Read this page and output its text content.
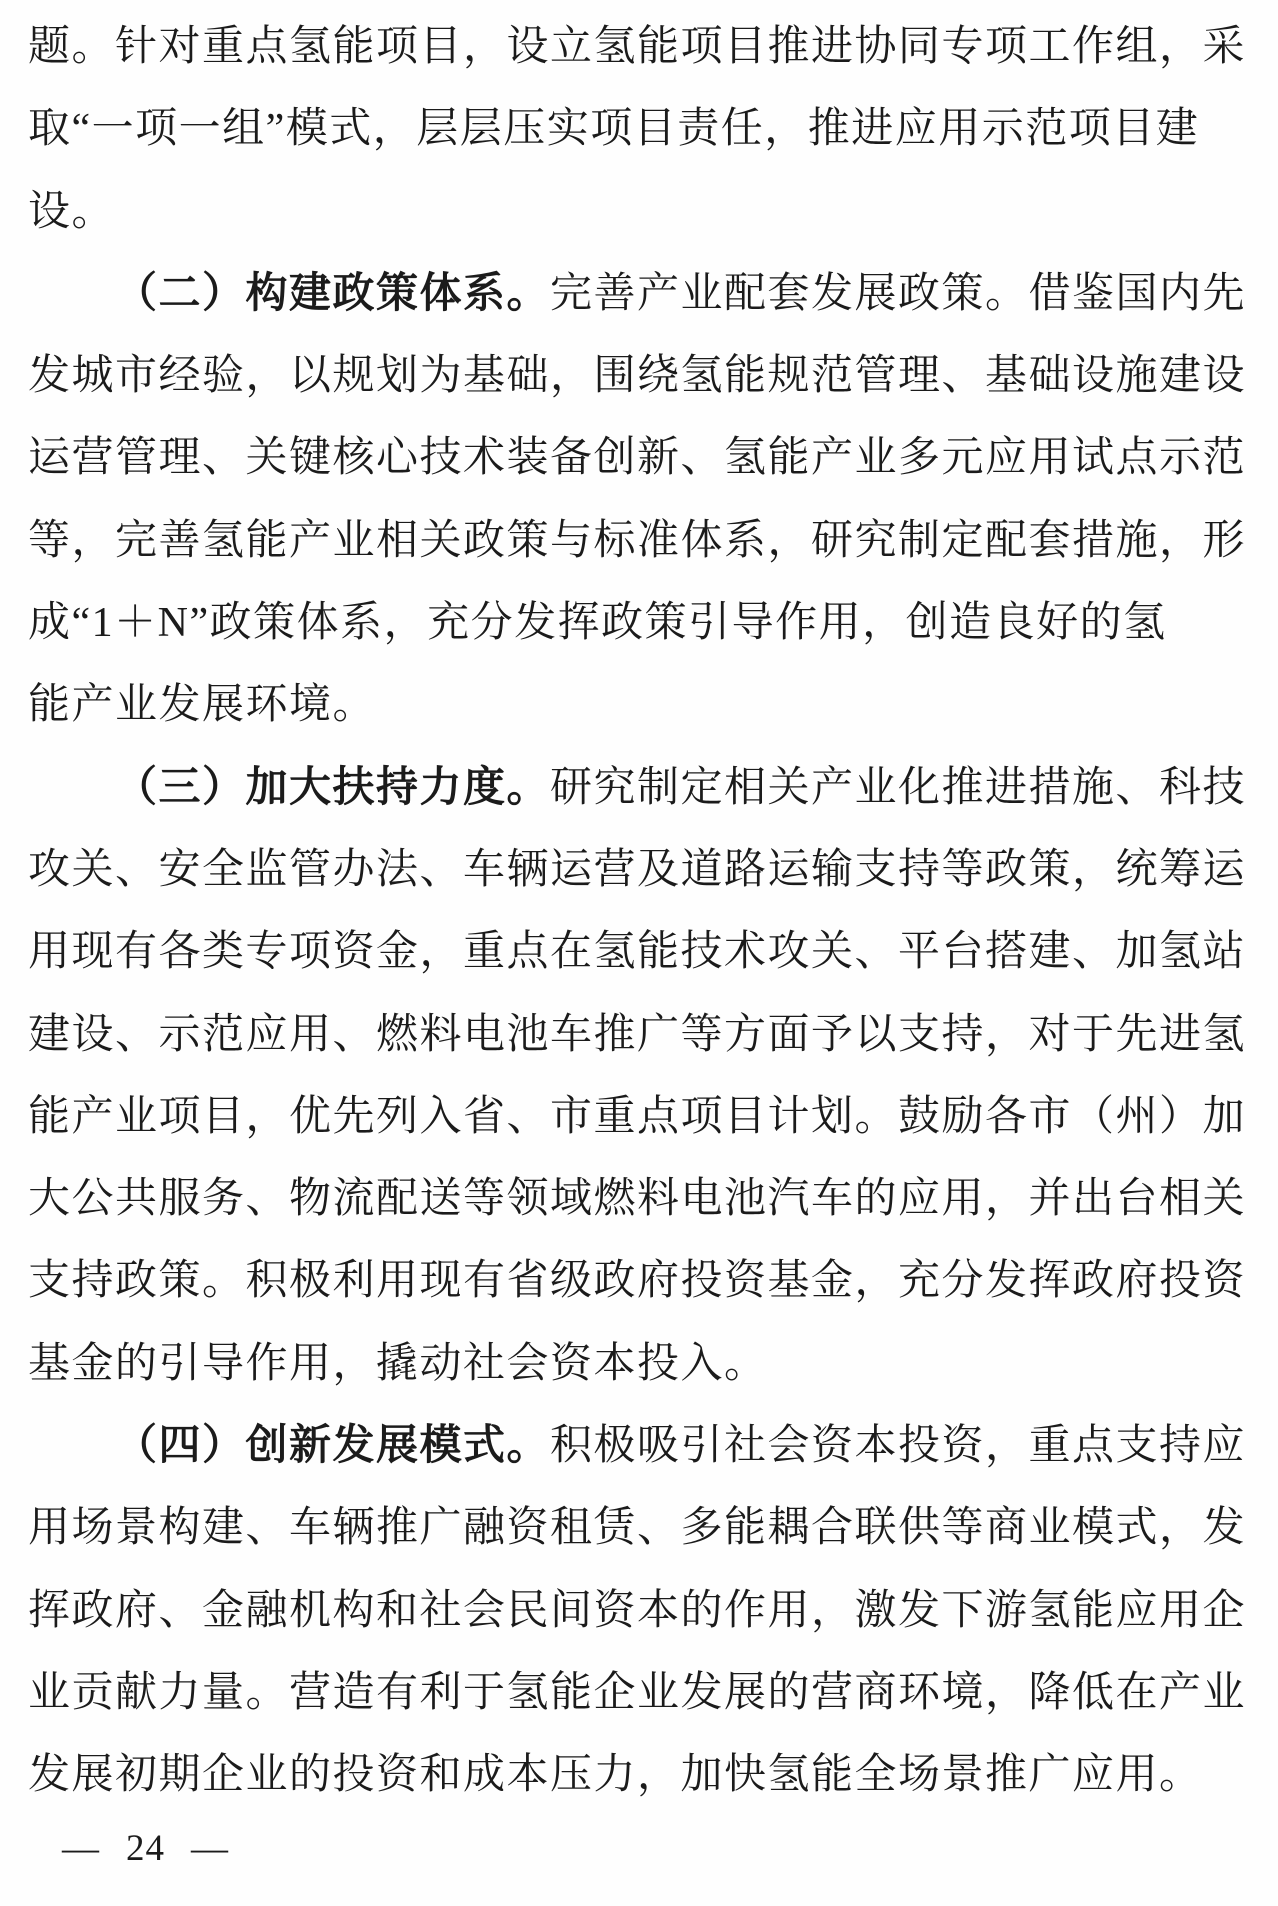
题。针对重点氢能项目，设立氢能项目推进协同专项工作组，采
取“一项一组”模式，层层压实项目责任，推进应用示范项目建
设。
（二）构建政策体系。完善产业配套发展政策。借鉴国内先
发城市经验，以规划为基础，围绕氢能规范管理、基础设施建设
运营管理、关键核心技术装备创新、氢能产业多元应用试点示范
等，完善氢能产业相关政策与标准体系，研究制定配套措施，形
成“1＋N”政策体系，充分发挥政策引导作用，创造良好的氢
能产业发展环境。
（三）加大扶持力度。研究制定相关产业化推进措施、科技
攻关、安全监管办法、车辆运营及道路运输支持等政策，统筹运
用现有各类专项资金，重点在氢能技术攻关、平台搭建、加氢站
建设、示范应用、燃料电池车推广等方面予以支持，对于先进氢
能产业项目，优先列入省、市重点项目计划。鼓励各市（州）加
大公共服务、物流配送等领域燃料电池汽车的应用，并出台相关
支持政策。积极利用现有省级政府投资基金，充分发挥政府投资
基金的引导作用，撬动社会资本投入。
（四）创新发展模式。积极吸引社会资本投资，重点支持应
用场景构建、车辆推广融资租赁、多能耦合联供等商业模式，发
挥政府、金融机构和社会民间资本的作用，激发下游氢能应用企
业贡献力量。营造有利于氢能企业发展的营商环境，降低在产业
发展初期企业的投资和成本压力，加快氢能全场景推广应用。
— 24 —
